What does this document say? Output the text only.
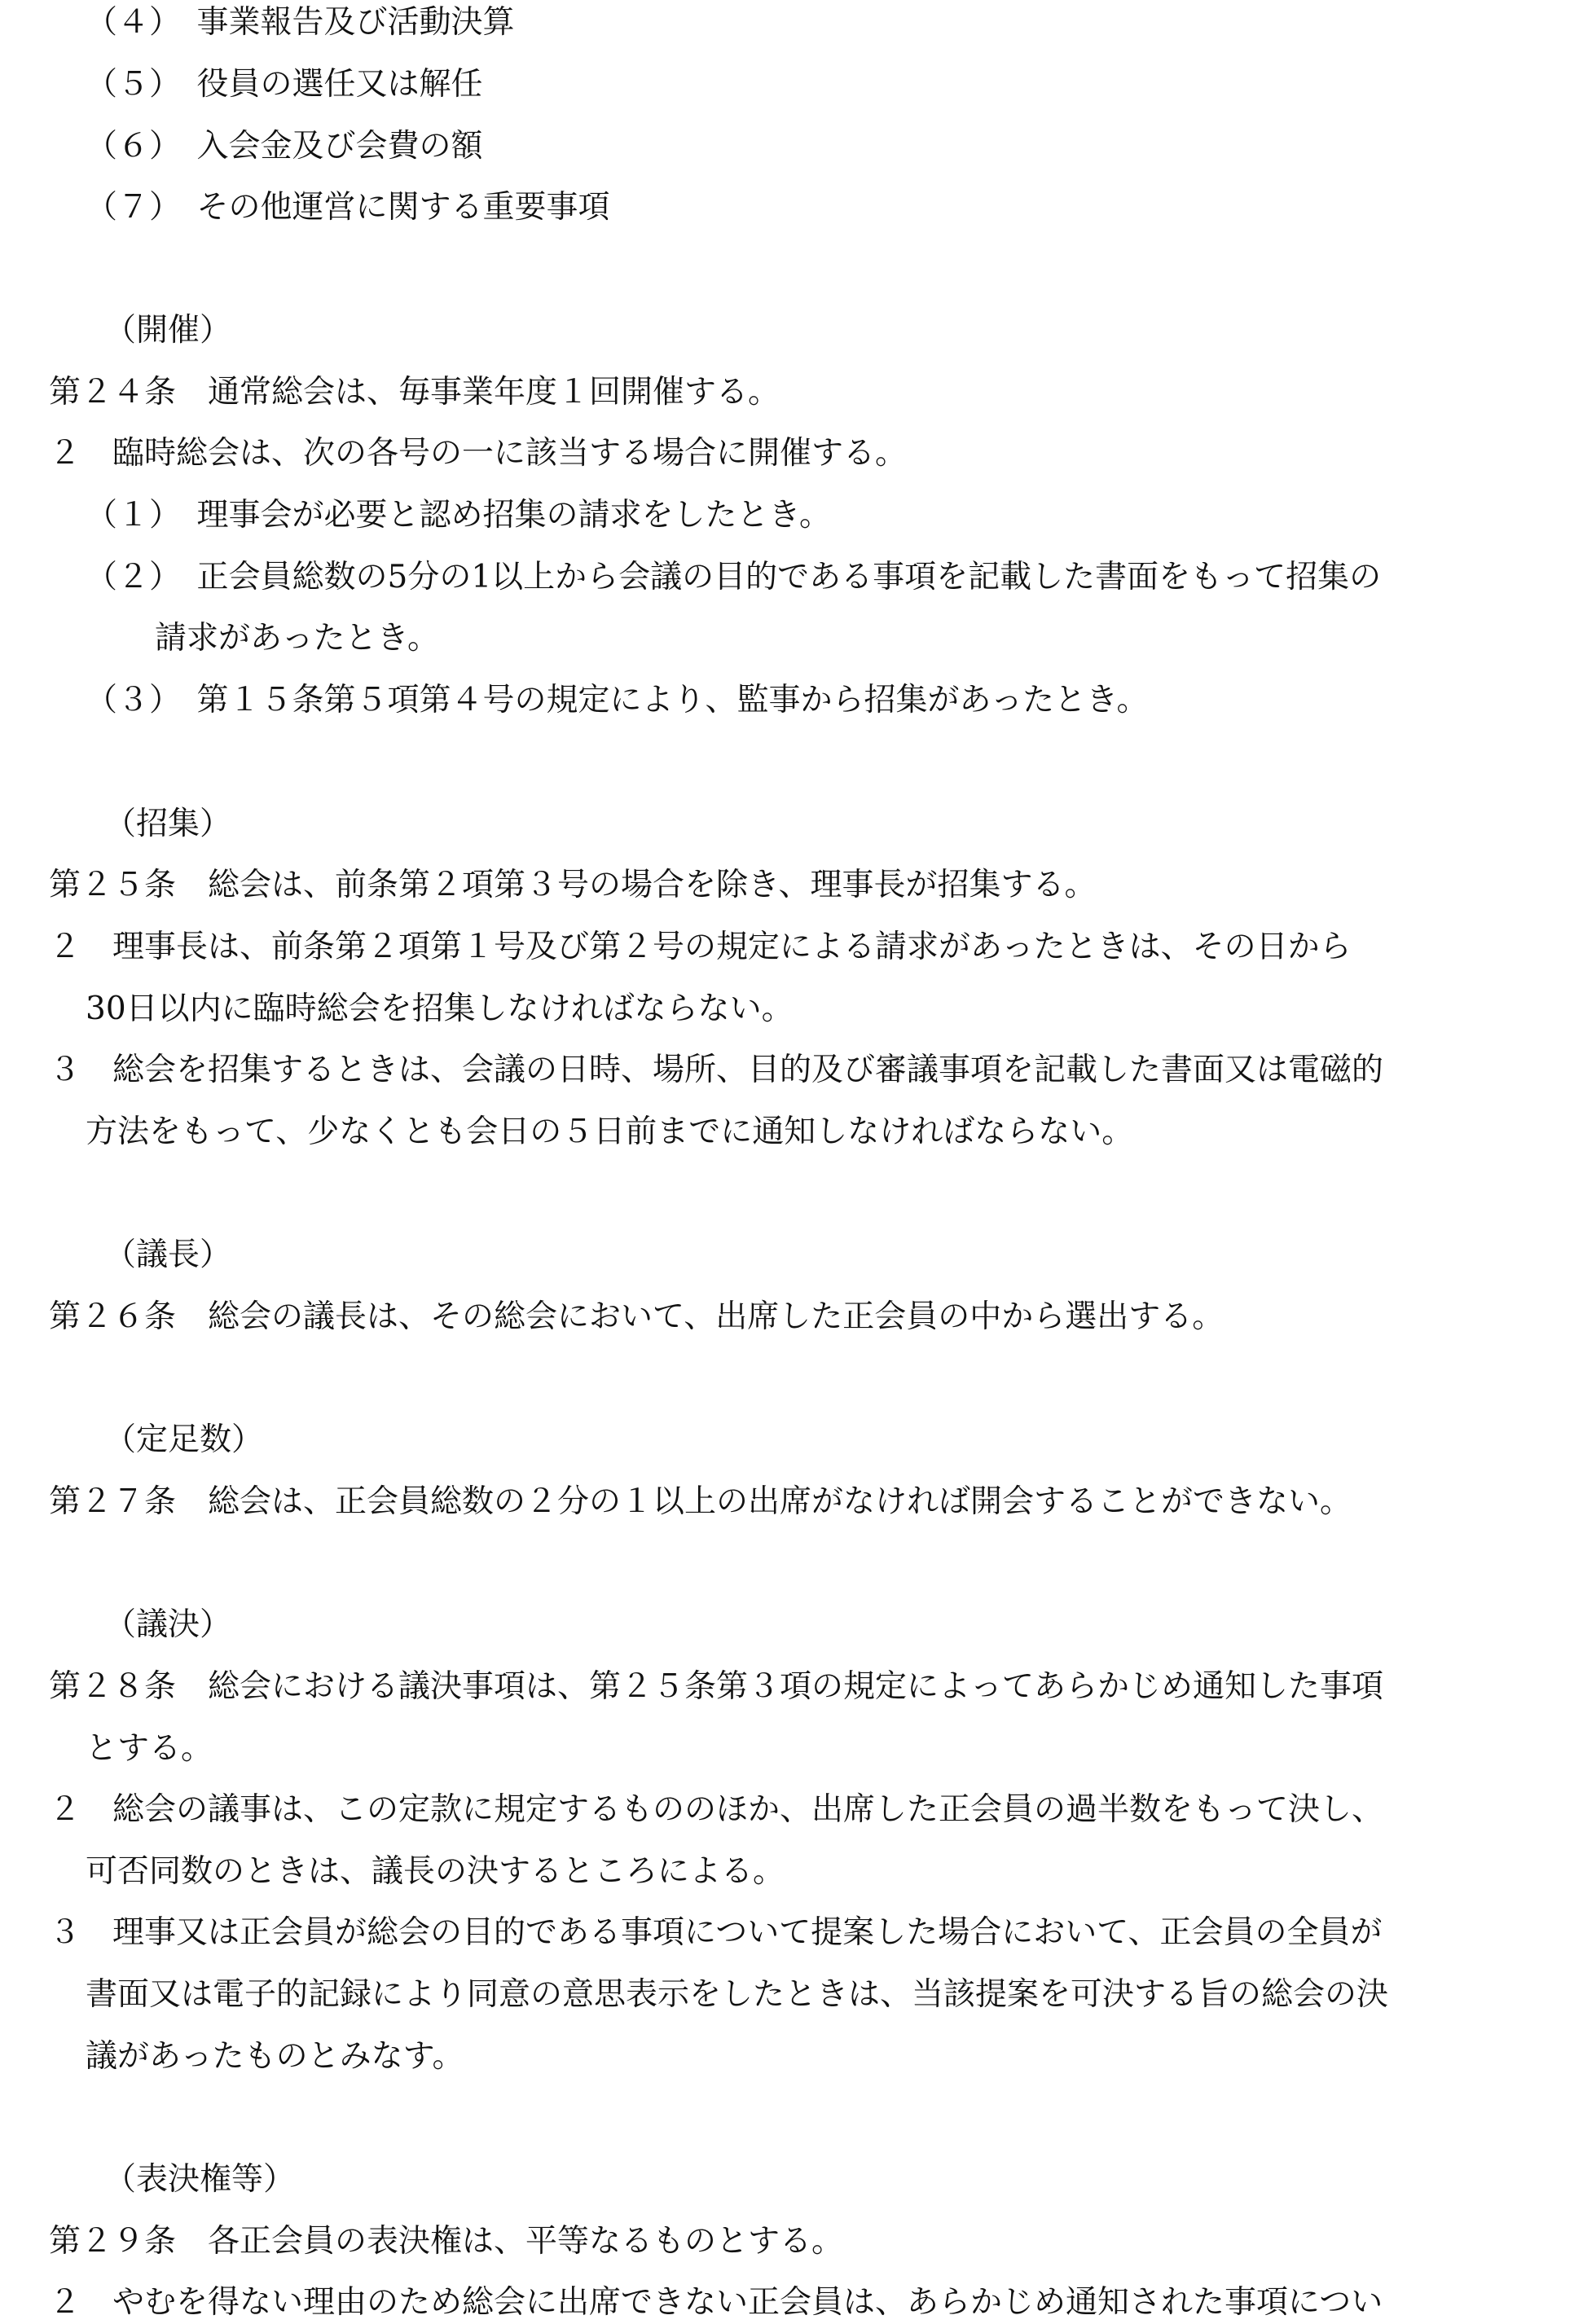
（４）　事業報告及び活動決算
（５）　役員の選任又は解任
（６）　入会金及び会費の額
（７）　その他運営に関する重要事項
（開催）
第２４条　通常総会は、毎事業年度１回開催する。
２　臨時総会は、次の各号の一に該当する場合に開催する。
（１）　理事会が必要と認め招集の請求をしたとき。
（２）　正会員総数の5分の1以上から会議の目的である事項を記載した書面をもって招集の
請求があったとき。
（３）　第１５条第５項第４号の規定により、監事から招集があったとき。
（招集）
第２５条　総会は、前条第２項第３号の場合を除き、理事長が招集する。
２　理事長は、前条第２項第１号及び第２号の規定による請求があったときは、その日から
30日以内に臨時総会を招集しなければならない。
３　総会を招集するときは、会議の日時、場所、目的及び審議事項を記載した書面又は電磁的
方法をもって、少なくとも会日の５日前までに通知しなければならない。
（議長）
第２６条　総会の議長は、その総会において、出席した正会員の中から選出する。
（定足数）
第２７条　総会は、正会員総数の２分の１以上の出席がなければ開会することができない。
（議決）
第２８条　総会における議決事項は、第２５条第３項の規定によってあらかじめ通知した事項
とする。
２　総会の議事は、この定款に規定するもののほか、出席した正会員の過半数をもって決し、
可否同数のときは、議長の決するところによる。
３　理事又は正会員が総会の目的である事項について提案した場合において、正会員の全員が
書面又は電子的記録により同意の意思表示をしたときは、当該提案を可決する旨の総会の決
議があったものとみなす。
（表決権等）
第２９条　各正会員の表決権は、平等なるものとする。
２　やむを得ない理由のため総会に出席できない正会員は、あらかじめ通知された事項につい
